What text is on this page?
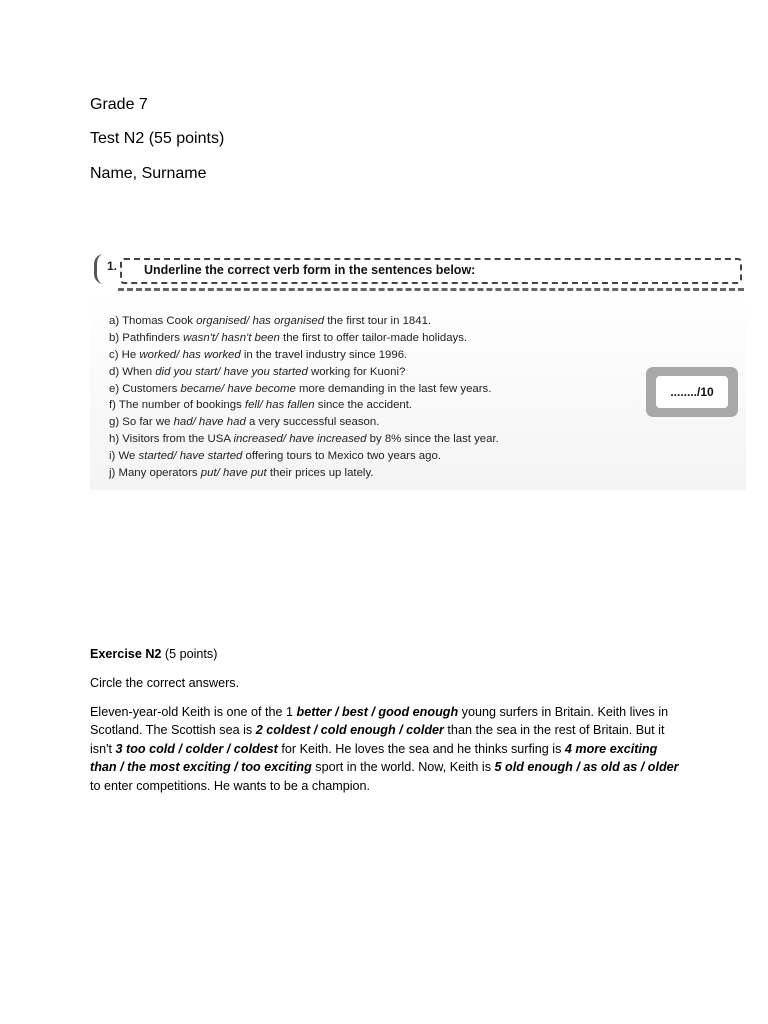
Grade 7
Test N2 (55 points)
Name, Surname
1. Underline the correct verb form in the sentences below:
a) Thomas Cook organised/ has organised the first tour in 1841.
b) Pathfinders wasn't/ hasn't been the first to offer tailor-made holidays.
c) He worked/ has worked in the travel industry since 1996.
d) When did you start/ have you started working for Kuoni?
e) Customers became/ have become more demanding in the last few years.
f) The number of bookings fell/ has fallen since the accident.
g) So far we had/ have had a very successful season.
h) Visitors from the USA increased/ have increased by 8% since the last year.
i) We started/ have started offering tours to Mexico two years ago.
j) Many operators put/ have put their prices up lately.
......../10

Exercise N2 (5 points)

Circle the correct answers.

Eleven-year-old Keith is one of the 1 better / best / good enough young surfers in Britain. Keith lives in Scotland. The Scottish sea is 2 coldest / cold enough / colder than the sea in the rest of Britain. But it isn't 3 too cold / colder / coldest for Keith. He loves the sea and he thinks surfing is 4 more exciting than / the most exciting / too exciting sport in the world. Now, Keith is 5 old enough / as old as / older to enter competitions. He wants to be a champion.
